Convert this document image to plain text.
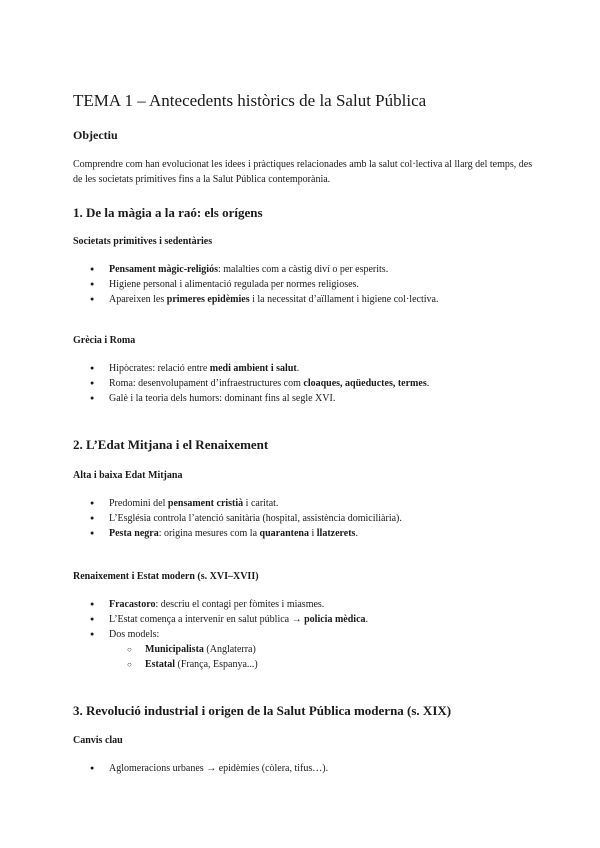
TEMA 1 – Antecedents històrics de la Salut Pública
Objectiu

Comprendre com han evolucionat les idees i pràctiques relacionades amb la salut col·lectiva al llarg del temps, des de les societats primitives fins a la Salut Pública contemporània.

1. De la màgia a la raó: els orígens
Societats primitives i sedentàries
● Pensament màgic-religiós: malalties com a càstig diví o per esperits.
● Higiene personal i alimentació regulada per normes religioses.
● Apareixen les primeres epidèmies i la necessitat d’aïllament i higiene col·lectiva.
Grècia i Roma
● Hipòcrates: relació entre medi ambient i salut.
● Roma: desenvolupament d’infraestructures com cloaques, aqüeductes, termes.
● Galè i la teoria dels humors: dominant fins al segle XVI.
2. L’Edat Mitjana i el Renaixement
Alta i baixa Edat Mitjana
● Predomini del pensament cristià i caritat.
● L’Església controla l’atenció sanitària (hospital, assistència domiciliària).
● Pesta negra: origina mesures com la quarantena i llatzerets.
Renaixement i Estat modern (s. XVI–XVII)
● Fracastoro: descriu el contagi per fòmites i miasmes.
● L’Estat comença a intervenir en salut pública → policia mèdica.
● Dos models:
○ Municipalista (Anglaterra)
○ Estatal (França, Espanya...)
3. Revolució industrial i origen de la Salut Pública moderna (s. XIX)
Canvis clau
● Aglomeracions urbanes → epidèmies (còlera, tifus…).
